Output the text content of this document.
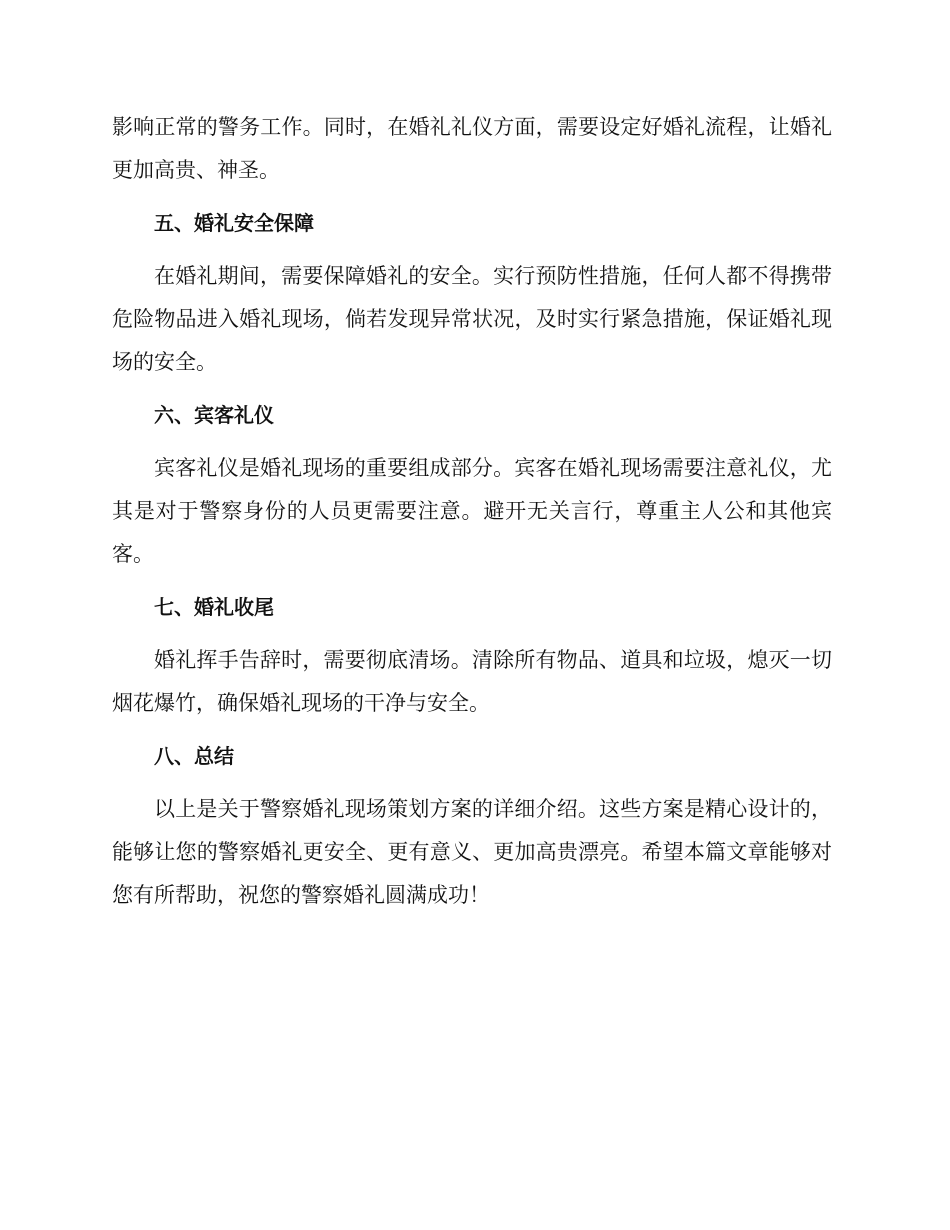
影响正常的警务工作。同时，在婚礼礼仪方面，需要设定好婚礼流程，让婚礼更加高贵、神圣。

五、婚礼安全保障

在婚礼期间，需要保障婚礼的安全。实行预防性措施，任何人都不得携带危险物品进入婚礼现场，倘若发现异常状况，及时实行紧急措施，保证婚礼现场的安全。

六、宾客礼仪

宾客礼仪是婚礼现场的重要组成部分。宾客在婚礼现场需要注意礼仪，尤其是对于警察身份的人员更需要注意。避开无关言行，尊重主人公和其他宾客。

七、婚礼收尾

婚礼挥手告辞时，需要彻底清场。清除所有物品、道具和垃圾，熄灭一切烟花爆竹，确保婚礼现场的干净与安全。

八、总结

以上是关于警察婚礼现场策划方案的详细介绍。这些方案是精心设计的，能够让您的警察婚礼更安全、更有意义、更加高贵漂亮。希望本篇文章能够对您有所帮助，祝您的警察婚礼圆满成功！
